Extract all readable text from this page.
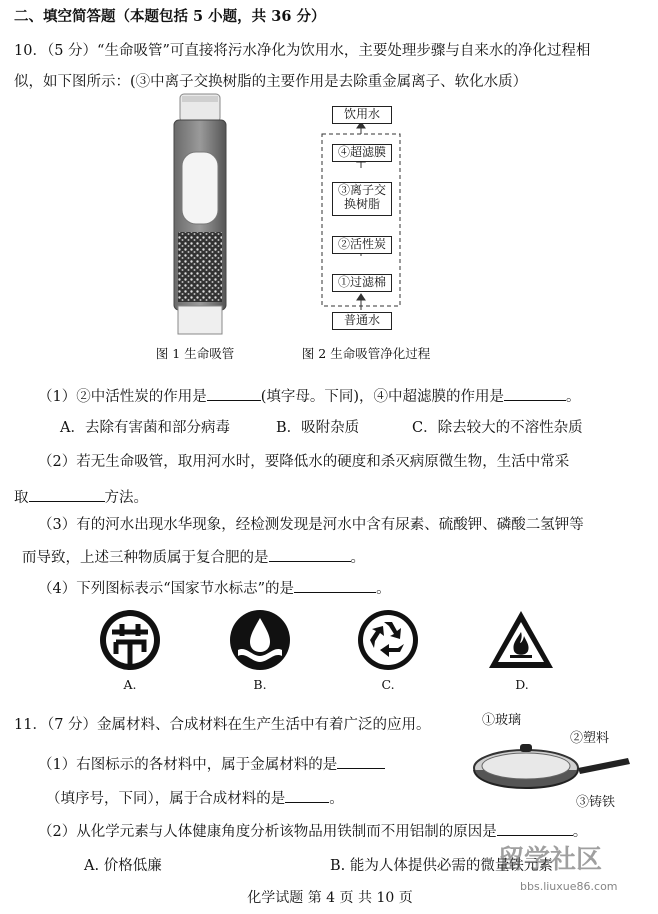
二、填空简答题（本题包括 5 小题，共 36 分）
10．（5 分）“生命吸管”可直接将污水净化为饮用水，主要处理步骤与自来水的净化过程相
似，如下图所示：(③中离子交换树脂的主要作用是去除重金属离子、软化水质）
图 1 生命吸管
饮用水
④超滤膜
③离子交
换树脂
②活性炭
①过滤棉
普通水
图 2 生命吸管净化过程
（1）②中活性炭的作用是	(填字母。下同)，④中超滤膜的作用是	。
A．去除有害菌和部分病毒	B．吸附杂质	C．除去较大的不溶性杂质
（2）若无生命吸管，取用河水时，要降低水的硬度和杀灭病原微生物，生活中常采
取	方法。
（3）有的河水出现水华现象，经检测发现是河水中含有尿素、硫酸钾、磷酸二氢钾等
而导致，上述三种物质属于复合肥的是	。
（4）下列图标表示“国家节水标志”的是	。
A.	B.	C.	D.
11．（7 分）金属材料、合成材料在生产生活中有着广泛的应用。	①玻璃
②塑料
③铸铁
（1）右图标示的各材料中，属于金属材料的是
（填序号，下同），属于合成材料的是	。
（2）从化学元素与人体健康角度分析该物品用铁制而不用铝制的原因是	。
A. 价格低廉	B. 能为人体提供必需的微量铁元素
化学试题 第 4 页 共 10 页
留学社区
bbs.liuxue86.com
